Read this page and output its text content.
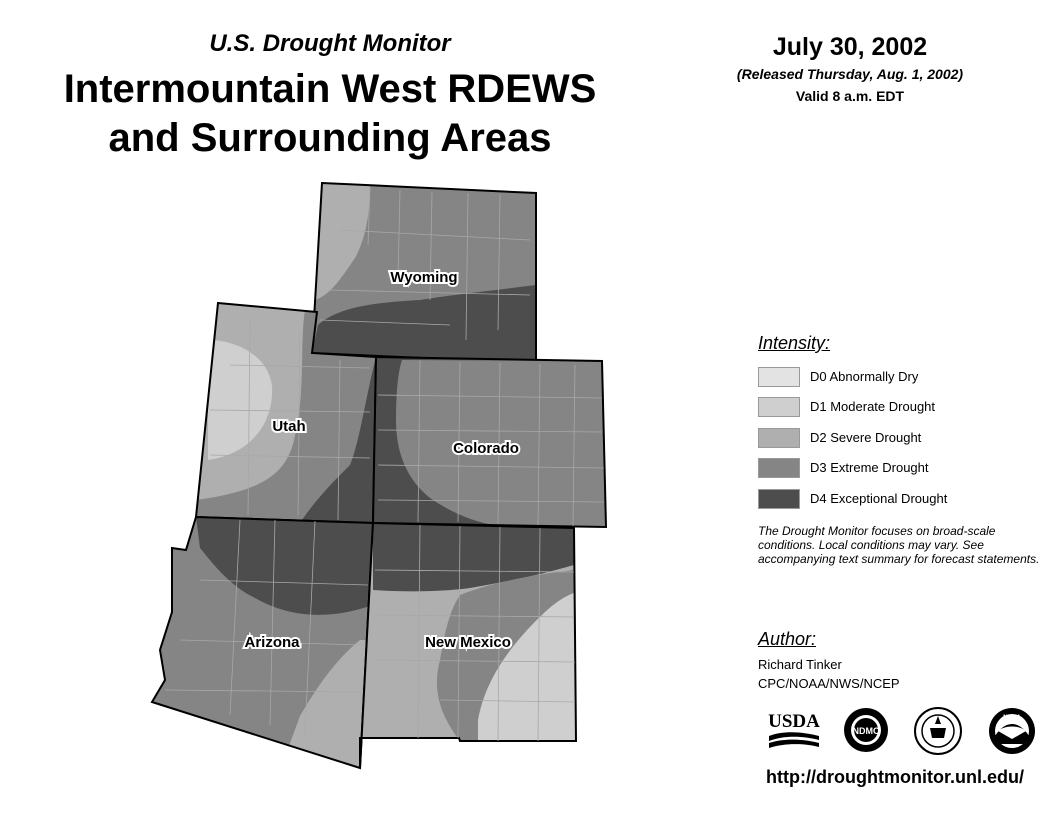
U.S. Drought Monitor
Intermountain West RDEWS
and Surrounding Areas
July 30, 2002
(Released Thursday, Aug. 1, 2002)
Valid 8 a.m. EDT
Wyoming
Utah
Colorado
Arizona	New Mexico
Intensity:
D0 Abnormally Dry
D1 Moderate Drought
D2 Severe Drought
D3 Extreme Drought
D4 Exceptional Drought
The Drought Monitor focuses on broad-scale conditions. Local conditions may vary. See accompanying text summary for forecast statements.
Author:
Richard Tinker
CPC/NOAA/NWS/NCEP
USDA	NDMC
NOAA
http://droughtmonitor.unl.edu/
